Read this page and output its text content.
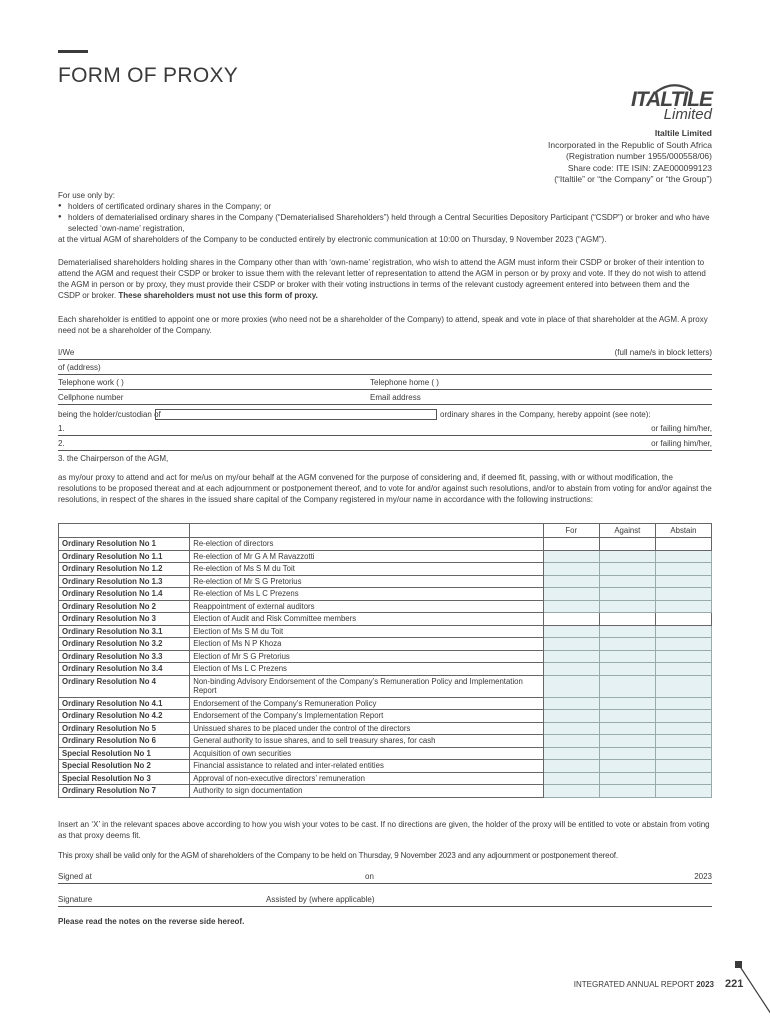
FORM OF PROXY
ITALTILE
Limited
Italtile Limited
Incorporated in the Republic of South Africa
(Registration number 1955/000558/06)
Share code: ITE ISIN: ZAE000099123
(“Italtile” or “the Company” or “the Group”)
For use only by:
● holders of certificated ordinary shares in the Company; or
● holders of dematerialised ordinary shares in the Company (“Dematerialised Shareholders”) held through a Central Securities Depository Participant (“CSDP”) or broker and who have selected ‘own-name’ registration,
at the virtual AGM of shareholders of the Company to be conducted entirely by electronic communication at 10:00 on Thursday, 9 November 2023 (“AGM”).
Dematerialised shareholders holding shares in the Company other than with ‘own-name’ registration, who wish to attend the AGM must inform their CSDP or broker of their intention to attend the AGM and request their CSDP or broker to issue them with the relevant letter of representation to attend the AGM in person or by proxy and vote. If they do not wish to attend the AGM in person or by proxy, they must provide their CSDP or broker with their voting instructions in terms of the relevant custody agreement entered into between them and the CSDP or broker. These shareholders must not use this form of proxy.
Each shareholder is entitled to appoint one or more proxies (who need not be a shareholder of the Company) to attend, speak and vote in place of that shareholder at the AGM. A proxy need not be a shareholder of the Company.
I/We	(full name/s in block letters)
of (address)
Telephone work ( )	Telephone home ( )
Cellphone number	Email address
being the holder/custodian of	ordinary shares in the Company, hereby appoint (see note):
1.	or failing him/her,
2.	or failing him/her,
3. the Chairperson of the AGM,
as my/our proxy to attend and act for me/us on my/our behalf at the AGM convened for the purpose of considering and, if deemed fit, passing, with or without modification, the resolutions to be proposed thereat and at each adjournment or postponement thereof, and to vote for and/or against such resolutions, and/or to abstain from voting for and/or against the resolutions, in respect of the shares in the issued share capital of the Company registered in my/our name in accordance with the following instructions:
		For	Against	Abstain
Ordinary Resolution No 1	Re-election of directors			
Ordinary Resolution No 1.1	Re-election of Mr G A M Ravazzotti			
Ordinary Resolution No 1.2	Re-election of Ms S M du Toit			
Ordinary Resolution No 1.3	Re-election of Mr S G Pretorius			
Ordinary Resolution No 1.4	Re-election of Ms L C Prezens			
Ordinary Resolution No 2	Reappointment of external auditors			
Ordinary Resolution No 3	Election of Audit and Risk Committee members			
Ordinary Resolution No 3.1	Election of Ms S M du Toit			
Ordinary Resolution No 3.2	Election of Ms N P Khoza			
Ordinary Resolution No 3.3	Election of Mr S G Pretorius			
Ordinary Resolution No 3.4	Election of Ms L C Prezens			
Ordinary Resolution No 4	Non-binding Advisory Endorsement of the Company’s Remuneration Policy and Implementation Report			
Ordinary Resolution No 4.1	Endorsement of the Company’s Remuneration Policy			
Ordinary Resolution No 4.2	Endorsement of the Company’s Implementation Report			
Ordinary Resolution No 5	Unissued shares to be placed under the control of the directors			
Ordinary Resolution No 6	General authority to issue shares, and to sell treasury shares, for cash			
Special Resolution No 1	Acquisition of own securities			
Special Resolution No 2	Financial assistance to related and inter-related entities			
Special Resolution No 3	Approval of non-executive directors’ remuneration			
Ordinary Resolution No 7	Authority to sign documentation			
Insert an ‘X’ in the relevant spaces above according to how you wish your votes to be cast. If no directions are given, the holder of the proxy will be entitled to vote or abstain from voting as that proxy deems fit.
This proxy shall be valid only for the AGM of shareholders of the Company to be held on Thursday, 9 November 2023 and any adjournment or postponement thereof.
Signed at	on	2023
Signature	Assisted by (where applicable)
Please read the notes on the reverse side hereof.
INTEGRATED ANNUAL REPORT 2023 221
